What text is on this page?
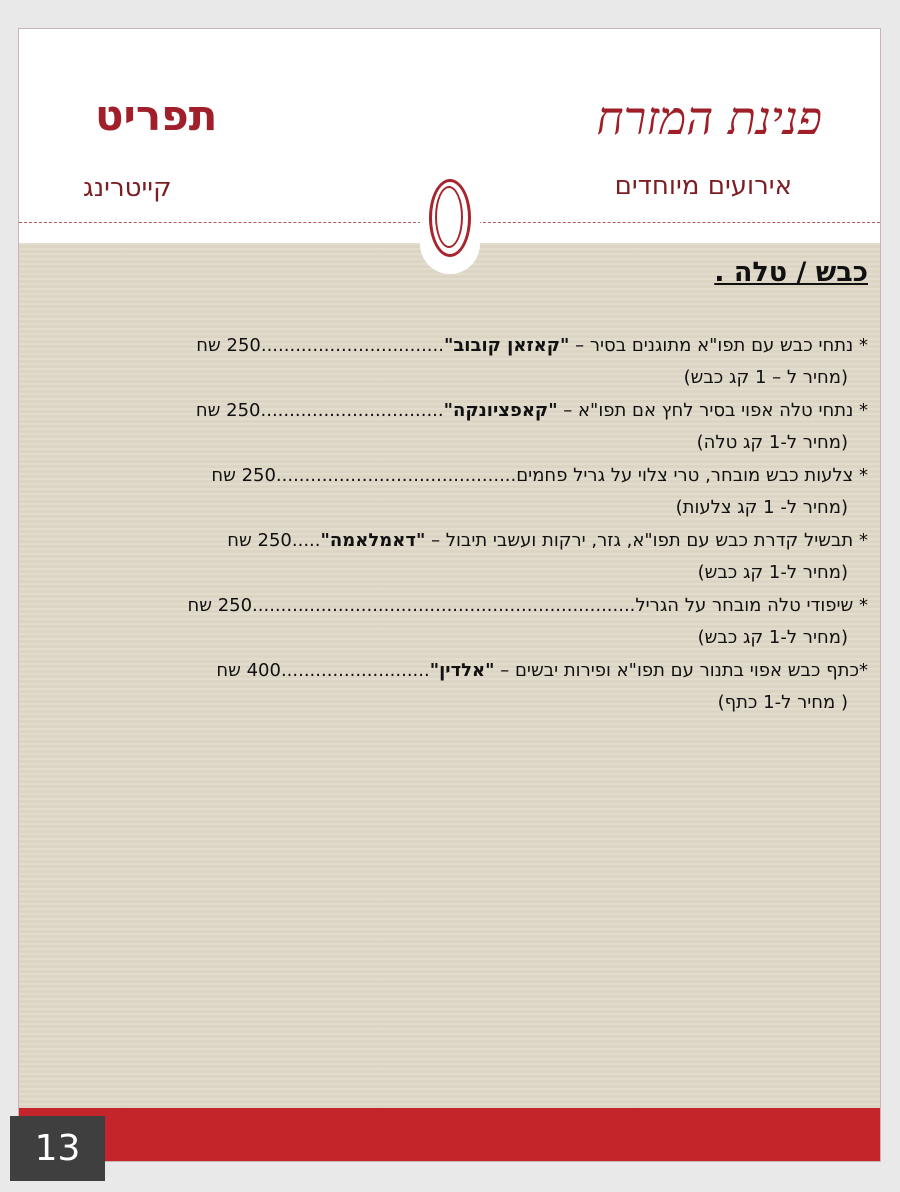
פנינת המזרח
אירועים מיוחדים
תפריט
קייטרינג
כבש / טלה .
* נתחי כבש עם תפו"א מתוגנים בסיר – "קאזאן קובוב"................................250 שח
(מחיר ל – 1 קג כבש)
* נתחי טלה אפוי בסיר לחץ אם תפו"א – "קאפציונקה"................................250 שח
(מחיר ל-1 קג טלה)
* צלעות כבש מובחר, טרי צלוי על גריל פחמים..........................................250 שח
(מחיר ל- 1 קג צלעות)
* תבשיל קדרת כבש עם תפו"א, גזר, ירקות ועשבי תיבול – "דאמלאמה".....250 שח
(מחיר ל-1 קג כבש)
* שיפודי טלה מובחר על הגריל...................................................................250 שח
(מחיר ל-1 קג כבש)
*כתף כבש אפוי בתנור עם תפו"א ופירות יבשים – "אלדין"..........................400 שח
( מחיר ל-1 כתף)
13
